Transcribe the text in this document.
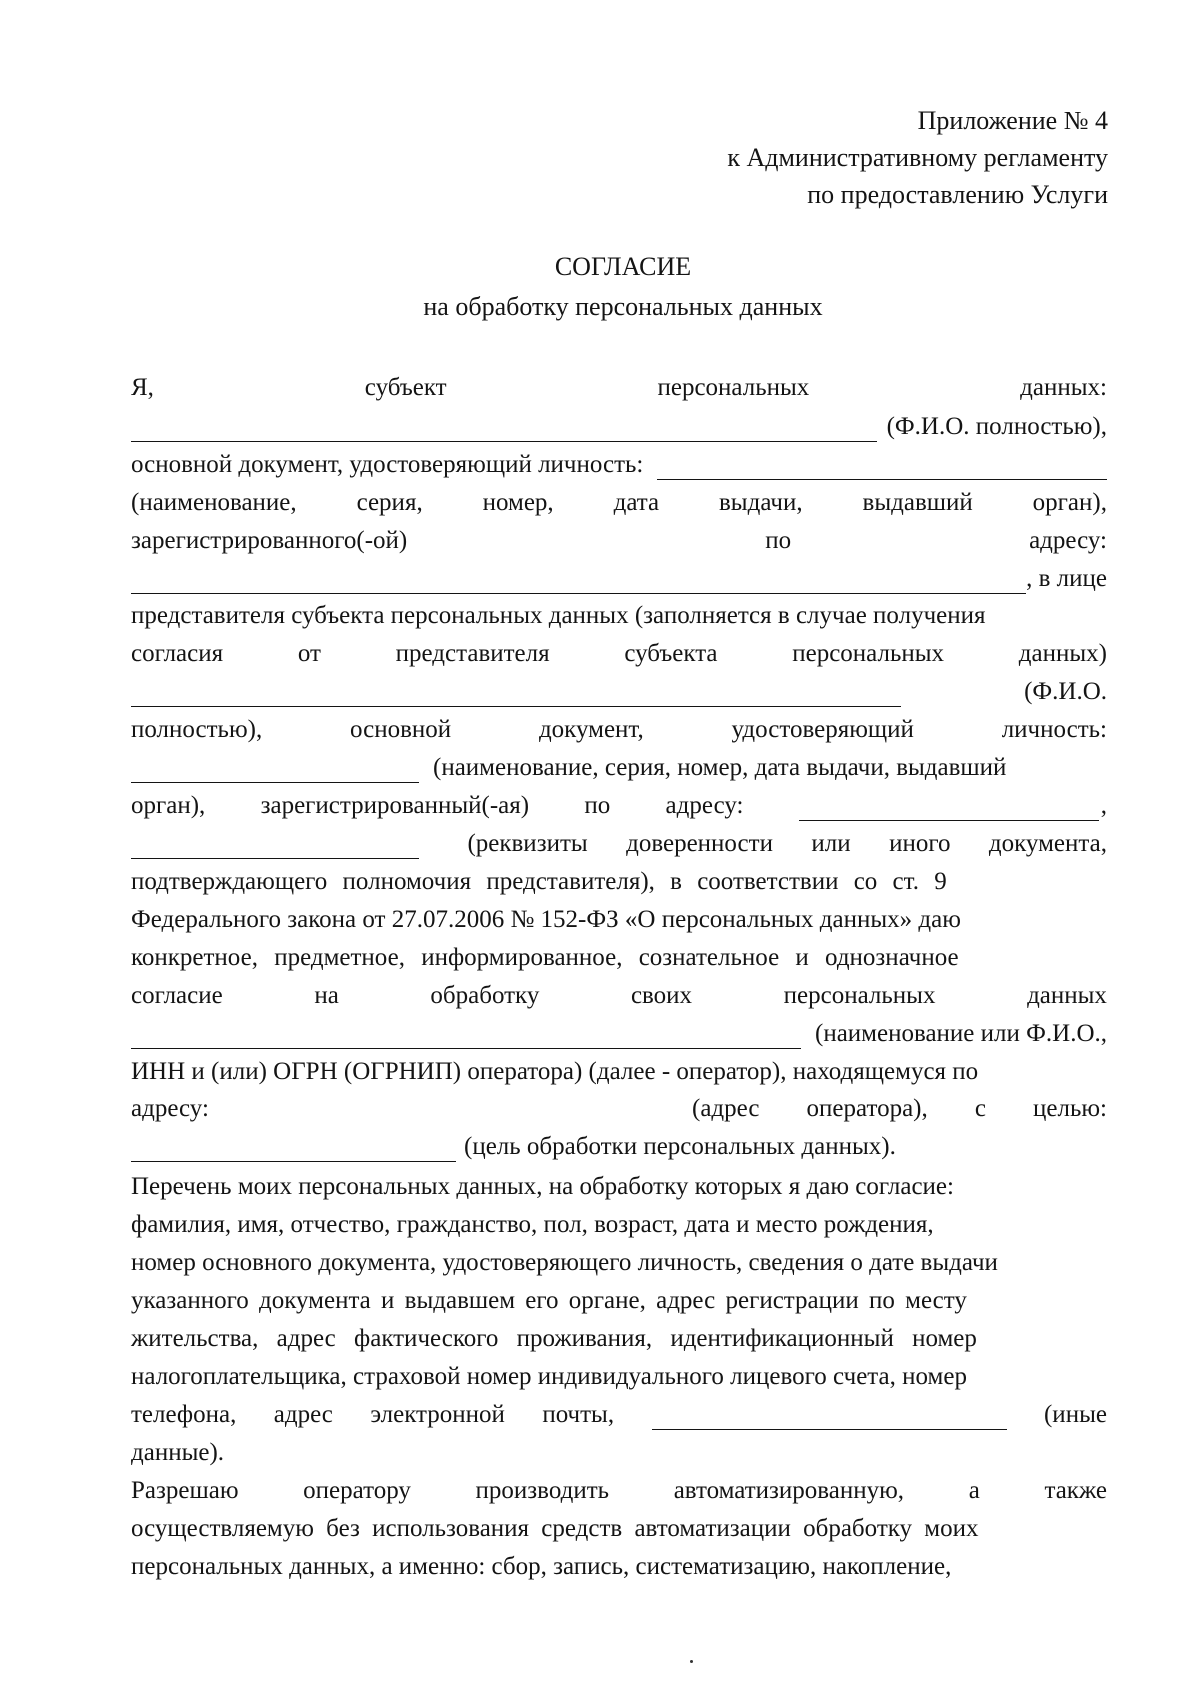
Приложение № 4
к Административному регламенту
по предоставлению Услуги
СОГЛАСИЕ
на обработку персональных данных
Я,	субъект	персональных	данных:
(Ф.И.О. полностью),
основной документ, удостоверяющий личность:
(наименование, серия, номер, дата выдачи, выдавший орган),
зарегистрированного(-ой)	по	адресу:
, в лице
представителя субъекта персональных данных (заполняется в случае получения
согласия	от	представителя	субъекта	персональных	данных)
(Ф.И.О.
полностью),	основной	документ,	удостоверяющий	личность:
(наименование, серия, номер, дата выдачи, выдавший
орган), зарегистрированный(-ая) по адресу:	,
(реквизиты доверенности или иного документа,
подтверждающего полномочия представителя), в соответствии со ст. 9
Федерального закона от 27.07.2006 № 152-ФЗ «О персональных данных» даю
конкретное, предметное, информированное, сознательное и однозначное
согласие	на	обработку	своих	персональных	данных
(наименование или Ф.И.О.,
ИНН и (или) ОГРН (ОГРНИП) оператора) (далее - оператор), находящемуся по
адресу:	(адрес оператора), с целью:
(цель обработки персональных данных).
Перечень моих персональных данных, на обработку которых я даю согласие:
фамилия, имя, отчество, гражданство, пол, возраст, дата и место рождения,
номер основного документа, удостоверяющего личность, сведения о дате выдачи
указанного документа и выдавшем его органе, адрес регистрации по месту
жительства, адрес фактического проживания, идентификационный номер
налогоплательщика, страховой номер индивидуального лицевого счета, номер
телефона, адрес электронной почты,	(иные
данные).
Разрешаю	оператору	производить	автоматизированную,	а	также
осуществляемую без использования средств автоматизации обработку моих
персональных данных, а именно: сбор, запись, систематизацию, накопление,
